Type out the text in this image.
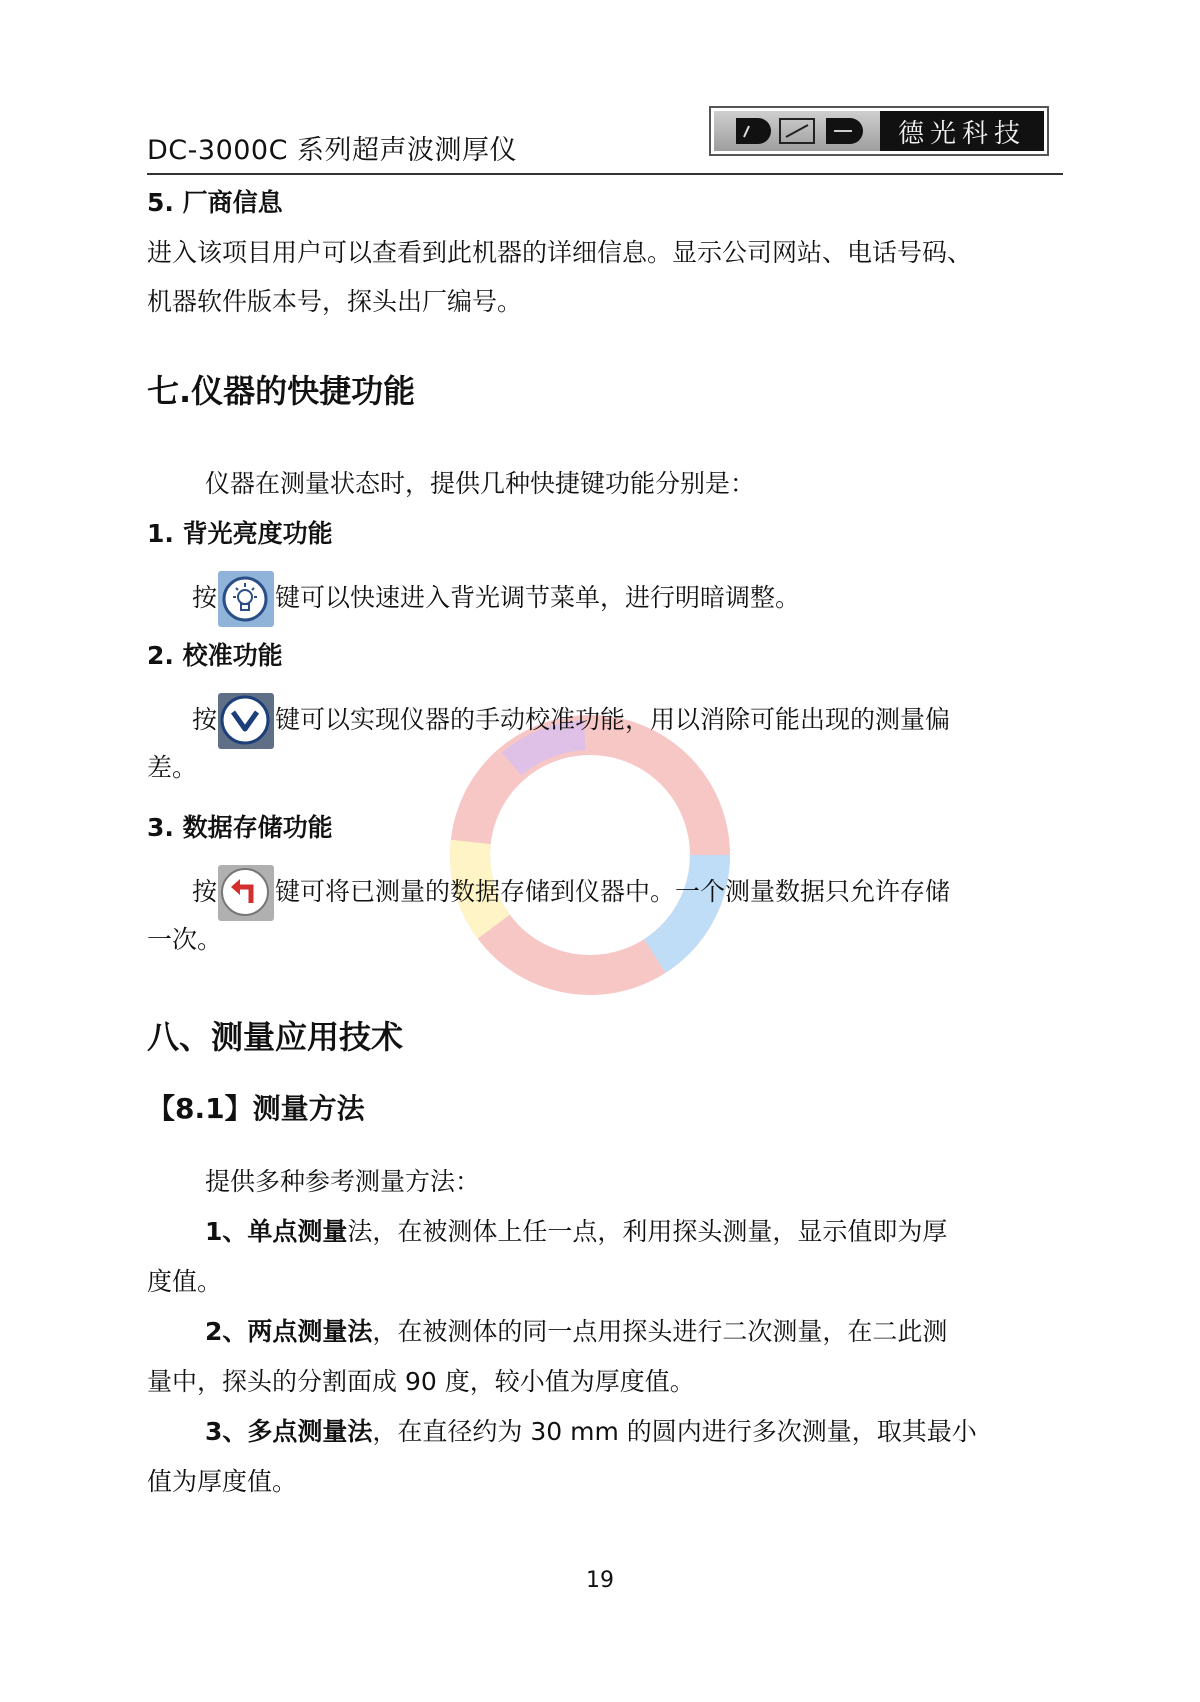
DC-3000C 系列超声波测厚仪
德光科技
5. 厂商信息
进入该项目用户可以查看到此机器的详细信息。显示公司网站、电话号码、
机器软件版本号，探头出厂编号。
七.仪器的快捷功能
仪器在测量状态时，提供几种快捷键功能分别是：
1. 背光亮度功能
按 键可以快速进入背光调节菜单，进行明暗调整。
2. 校准功能
按 键可以实现仪器的手动校准功能，用以消除可能出现的测量偏
差。
3. 数据存储功能
按 键可将已测量的数据存储到仪器中。一个测量数据只允许存储
一次。
八、测量应用技术
【8.1】测量方法
提供多种参考测量方法：
1、单点测量法，在被测体上任一点，利用探头测量，显示值即为厚
度值。
2、两点测量法，在被测体的同一点用探头进行二次测量，在二此测
量中，探头的分割面成 90 度，较小值为厚度值。
3、多点测量法，在直径约为 30 mm 的圆内进行多次测量，取其最小
值为厚度值。
19
